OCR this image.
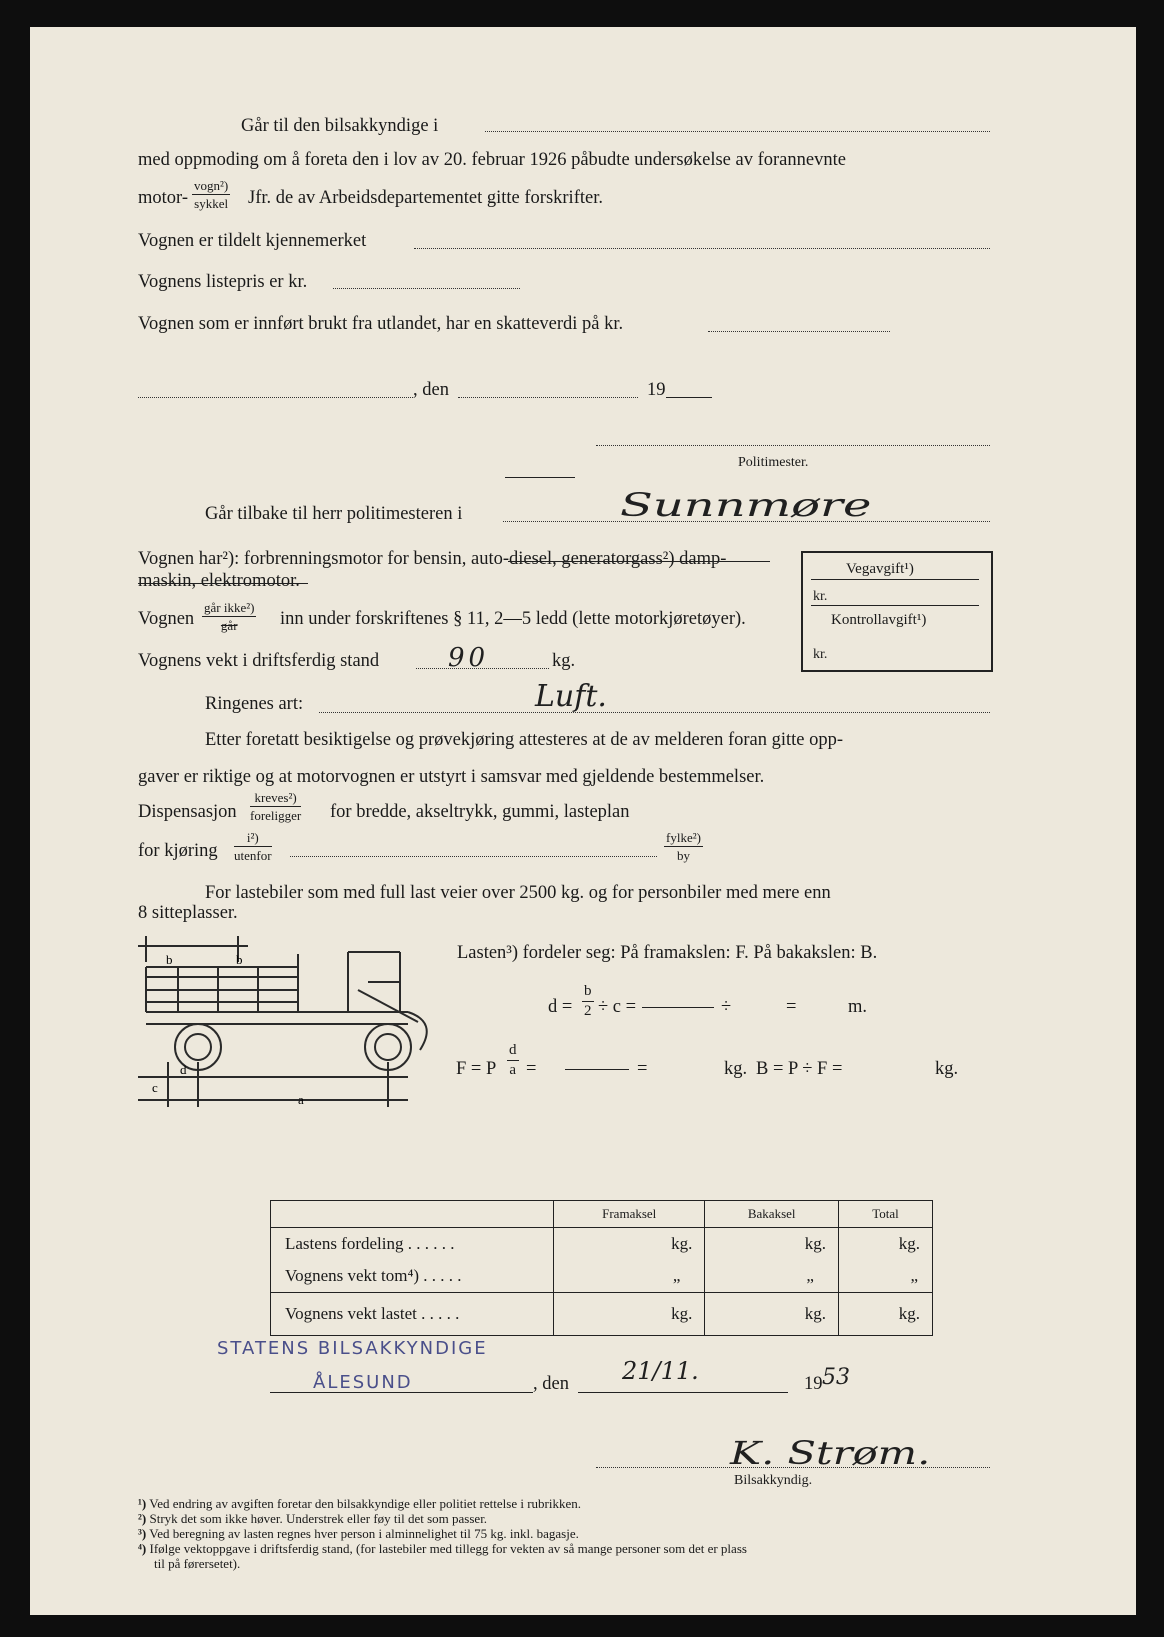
Går til den bilsakkyndige i
med oppmoding om å foreta den i lov av 20. februar 1926 påbudte undersøkelse av forannevnte
motor-
vogn²)
sykkel Jfr. de av Arbeidsdepartementet gitte forskrifter.
Vognen er tildelt kjennemerket
Vognens listepris er kr.
Vognen som er innført brukt fra utlandet, har en skatteverdi på kr.
, den	19
Politimester.
Går tilbake til herr politimesteren i	Sunnmøre
Vognen har²): forbrenningsmotor for bensin, auto-diesel, generatorgass²) damp-
maskin, elektromotor.
Vegavgift¹)
kr.
Kontrollavgift¹)
kr.
Vognen
går ikke²)
går	inn under forskriftenes § 11, 2—5 ledd (lette motorkjøretøyer).
Vognens vekt i driftsferdig stand	90	kg.
Ringenes art:	Luft.
Etter foretatt besiktigelse og prøvekjøring attesteres at de av melderen foran gitte opp-
gaver er riktige og at motorvognen er utstyrt i samsvar med gjeldende bestemmelser.
Dispensasjon
kreves²)
foreligger for bredde, akseltrykk, gummi, lasteplan
for kjøring
i²)
utenfor
fylke²)
by
For lastebiler som med full last veier over 2500 kg. og for personbiler med mere enn
8 sitteplasser.
b	b
c
d
a
Lasten³) fordeler seg: På framakslen: F. På bakakslen: B.
$d = \frac{b}{2} \div c$ =	÷	=	m.
F = P $\frac{d}{a}$ =	=	kg. B = P ÷ F =	kg.
	Framaksel	Bakaksel	Total
Lastens fordeling . . . . . .	kg.	kg.	kg.
Vognens vekt tom⁴) . . . . .	„	„	„
Vognens vekt lastet . . . . .	kg.	kg.	kg.
STATENS BILSAKKYNDIGE
ÅLESUND	, den 21/11.	19 53
K. Strøm.
Bilsakkyndig.
¹) Ved endring av avgiften foretar den bilsakkyndige eller politiet rettelse i rubrikken.
²) Stryk det som ikke høver. Understrek eller føy til det som passer.
³) Ved beregning av lasten regnes hver person i alminnelighet til 75 kg. inkl. bagasje.
⁴) Ifølge vektoppgave i driftsferdig stand, (for lastebiler med tillegg for vekten av så mange personer som det er plass
til på førersetet).
